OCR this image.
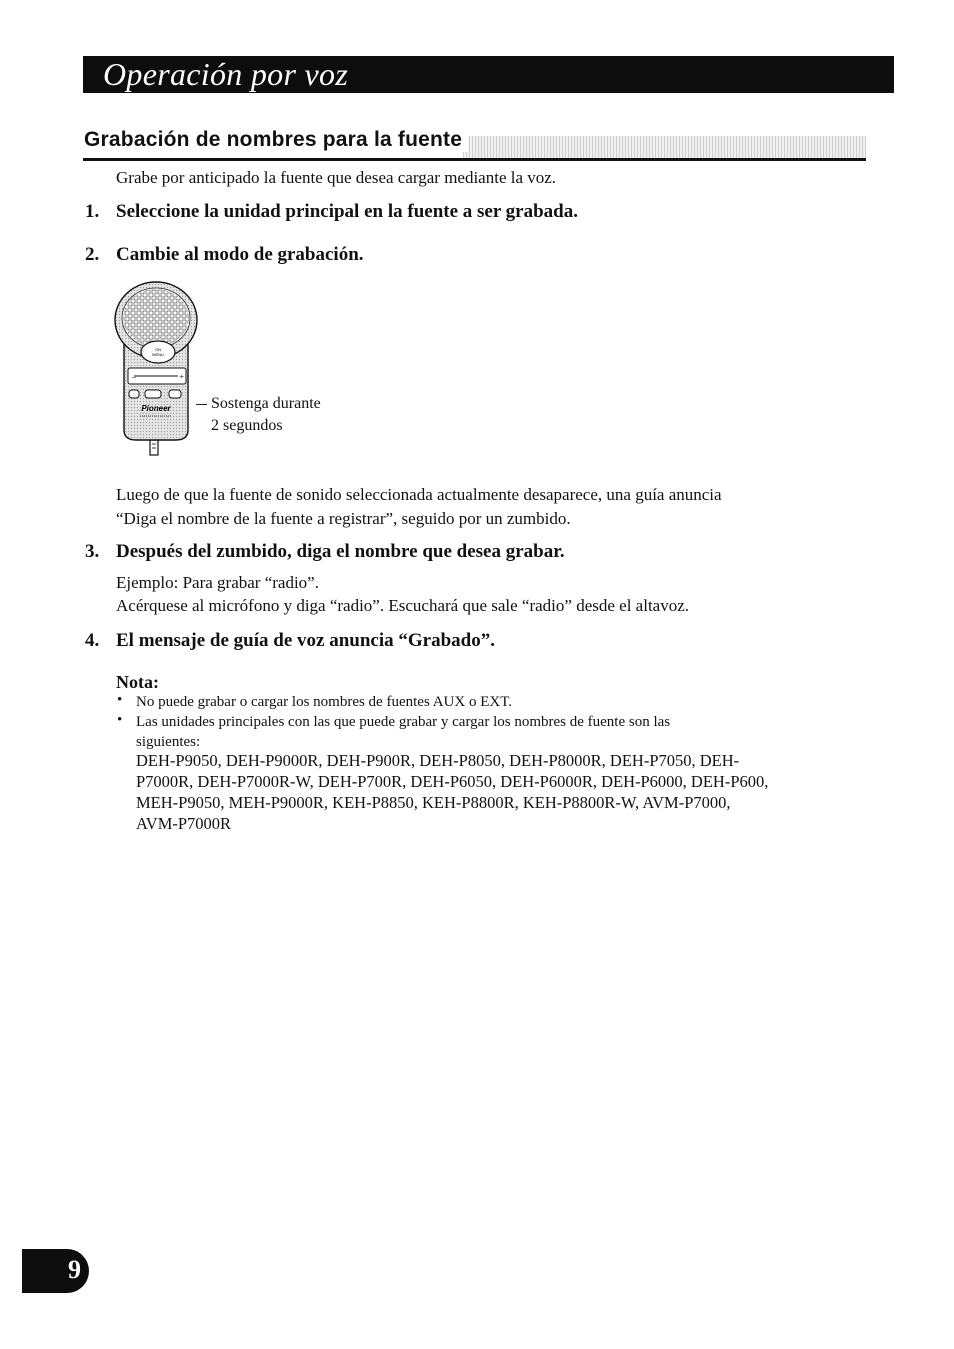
Operación por voz
Grabación de nombres para la fuente
Grabe por anticipado la fuente que desea cargar mediante la voz.
1. Seleccione la unidad principal en la fuente a ser grabada.
2. Cambie al modo de grabación.
ON
MENU
+
–
Pioneer	Sostenga durante
2 segundos
Luego de que la fuente de sonido seleccionada actualmente desaparece, una guía anuncia
“Diga el nombre de la fuente a registrar”, seguido por un zumbido.
3. Después del zumbido, diga el nombre que desea grabar.
Ejemplo: Para grabar “radio”.
Acérquese al micrófono y diga “radio”. Escuchará que sale “radio” desde el altavoz.
4. El mensaje de guía de voz anuncia “Grabado”.
Nota:
• No puede grabar o cargar los nombres de fuentes AUX o EXT.
• Las unidades principales con las que puede grabar y cargar los nombres de fuente son las
siguientes:
DEH-P9050, DEH-P9000R, DEH-P900R, DEH-P8050, DEH-P8000R, DEH-P7050, DEH-
P7000R, DEH-P7000R-W, DEH-P700R, DEH-P6050, DEH-P6000R, DEH-P6000, DEH-P600,
MEH-P9050, MEH-P9000R, KEH-P8850, KEH-P8800R, KEH-P8800R-W, AVM-P7000,
AVM-P7000R
9
